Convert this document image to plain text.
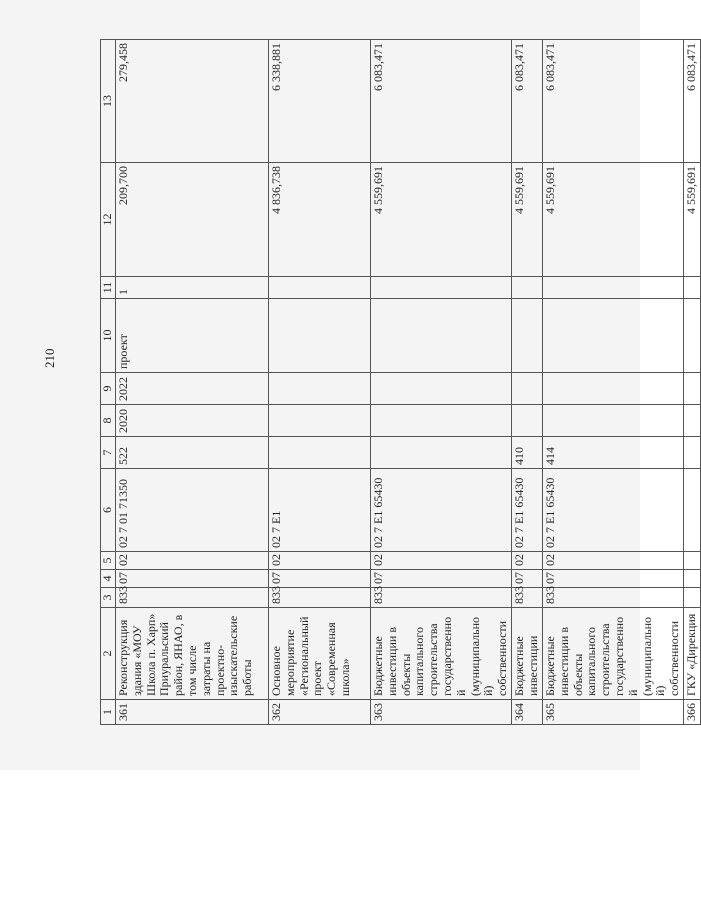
210
1	2	3	4	5	6	7	8	9	10	11	12	13
361	Реконструкция здания «МОУ Школа п. Харп» Приуральский район, ЯНАО, в том числе затраты на проектно-изыскательские работы	833	07	02	02 7 01 71350	522	2020	2022	проект	1	209,700	279,458
362	Основное мероприятие «Региональный проект «Современная школа»	833	07	02	02 7 E1						4 836,738	6 338,881
363	Бюджетные инвестиции в объекты капитального строительства государственной (муниципальной) собственности	833	07	02	02 7 E1 65430						4 559,691	6 083,471
364	Бюджетные инвестиции	833	07	02	02 7 E1 65430	410					4 559,691	6 083,471
365	Бюджетные инвестиции в объекты капитального строительства государственной (муниципальной) собственности	833	07	02	02 7 E1 65430	414					4 559,691	6 083,471
366	ГКУ «Дирекция										4 559,691	6 083,471
